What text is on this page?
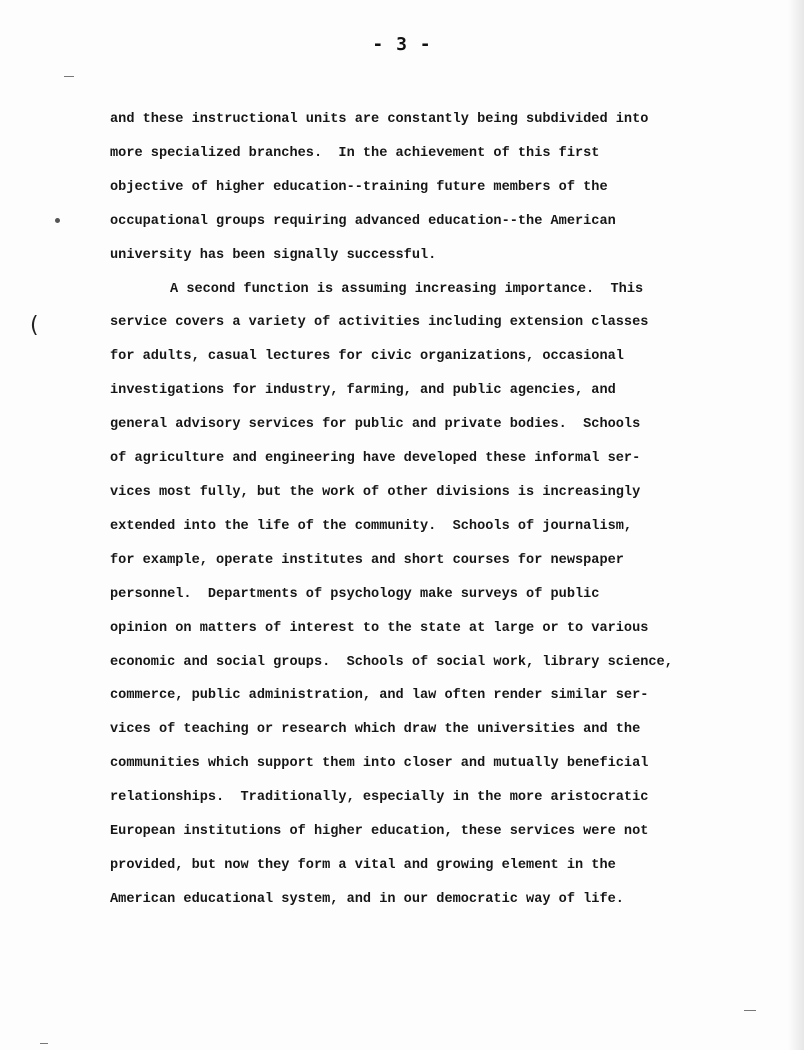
- 3 -
and these instructional units are constantly being subdivided into
more specialized branches.  In the achievement of this first
objective of higher education--training future members of the
occupational groups requiring advanced education--the American
university has been signally successful.
A second function is assuming increasing importance.  This
service covers a variety of activities including extension classes
for adults, casual lectures for civic organizations, occasional
investigations for industry, farming, and public agencies, and
general advisory services for public and private bodies.  Schools
of agriculture and engineering have developed these informal ser-
vices most fully, but the work of other divisions is increasingly
extended into the life of the community.  Schools of journalism,
for example, operate institutes and short courses for newspaper
personnel.  Departments of psychology make surveys of public
opinion on matters of interest to the state at large or to various
economic and social groups.  Schools of social work, library science,
commerce, public administration, and law often render similar ser-
vices of teaching or research which draw the universities and the
communities which support them into closer and mutually beneficial
relationships.  Traditionally, especially in the more aristocratic
European institutions of higher education, these services were not
provided, but now they form a vital and growing element in the
American educational system, and in our democratic way of life.
(
